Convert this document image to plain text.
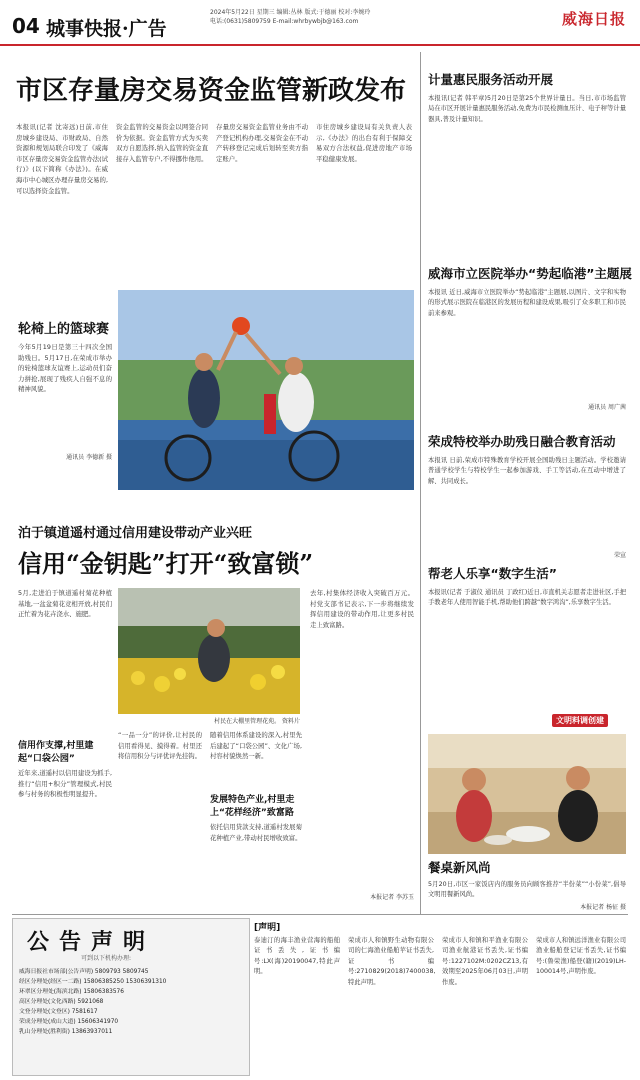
04 城事快报·广告
2024年5月22日 星期三 编辑:丛林 版式:于德丽 校对:李婉玲
电话:(0631)5809759 E-mail:whrbywbjb@163.com	威海日报
市区存量房交易资金监管新政发布
本报讯(记者 沈寄远)日前,市住房城乡建设局、市财政局、自然资源和规划局联合印发了《威海市区存量房交易资金监管办法(试行)》(以下简称《办法》)。在威海市中心城区办理存量房交易的,可以选择资金监管。
资金监管的交易资金以网签合同价为依据。资金监管方式为买卖双方自愿选择,纳入监管的资金直接存入监管专户,不得挪作他用。
存量房交易资金监管业务由不动产登记机构办理,交易资金在不动产转移登记完成后划转至卖方指定账户。
市住房城乡建设局有关负责人表示,《办法》的出台有利于保障交易双方合法权益,促进房地产市场平稳健康发展。
轮椅上的篮球赛
今年5月19日是第三十四次全国助残日。5月17日,在荣成市举办的轮椅篮球友谊赛上,运动员们奋力拼抢,展现了残疾人自强不息的精神风貌。
通讯员 李德新 摄
泊于镇道遥村通过信用建设带动产业兴旺
信用“金钥匙”打开“致富锁”
5月,走进泊于镇道遥村菊花种植基地,一盆盆菊花竞相开放,村民们正忙着为花卉浇水、施肥。
信用作支撑,村里建起“口袋公园”
近年来,道遥村以信用建设为抓手,推行“信用+积分”管理模式,村民参与村务的积极性明显提升。
村民在大棚里管理花苑。 资料片
“一品一分”的评价,让村民的信用看得见、摸得着。村里还将信用积分与评优评先挂钩。
随着信用体系建设的深入,村里先后建起了“口袋公园”、文化广场,村容村貌焕然一新。
发展特色产业,村里走上“花样经济”致富路
依托信用贷款支持,道遥村发展菊花种植产业,带动村民增收致富。
去年,村集体经济收入突破百万元。村党支部书记表示,下一步将继续发挥信用建设的带动作用,让更多村民走上致富路。
本报记者 李苏玉
计量惠民服务活动开展
本报讯(记者 韩平章)5月20日是第25个世界计量日。当日,市市场监管局在市区开展计量惠民服务活动,免费为市民检测血压计、电子秤等计量器具,普及计量知识。
威海市立医院举办“势起临港”主题展
本报讯 近日,威海市立医院举办“势起临港”主题展,以图片、文字和实物的形式展示医院在临港区的发展历程和建设成果,吸引了众多职工和市民前来参观。
通讯员 周广茜
荣成特校举办助残日融合教育活动
本报讯 日前,荣成市特殊教育学校开展全国助残日主题活动。学校邀请普通学校学生与特校学生一起参加游戏、手工等活动,在互动中增进了解、共同成长。
荣宣
帮老人乐享“数字生活”
本报讯(记者 于淑仪 通讯员 丁政红)近日,市直机关志愿者走进社区,手把手教老年人使用智能手机,帮助他们跨越“数字鸿沟”,乐享数字生活。
文明料调创建
餐桌新风尚
5月20日,市区一家饭店内的服务员向顾客推荐“半份菜”“小份菜”,倡导文明用餐新风尚。
本报记者 杨征 摄
公告声明
可到以下机构办理:
威海日报社市场部(公告声明) 5809793 5809745
经区分理处(经区一二路) 15806385250 15306391310
环翠区分理处(海滨北路) 15806383576
高区分理处(文化西路) 5921068
文登分理处(文登区) 7581617
荣成分理处(成山大道) 15606341970
乳山分理处(胜利街) 13863937011
[声明]
泰迪汀的海丰渔业营海的船舶证书丢失,证书编号:LX(海)20190047,特此声明。
荣成市人和镇野生动物有限公司的仁海渔业船舶苹证书丢失,证书编号:2710829(2018)7400038,特此声明。
荣成市人和镇和平渔业有限公司渔业航港证书丢失,证书编号:1227102M:0202CZ13,有效期至2025年06月03日,声明作废。
荣成市人和镇远洋渔业有限公司渔业船舶登记证书丢失,证书编号:(鲁荣渔)船登(籍)(2019)LH-100014号,声明作废。
